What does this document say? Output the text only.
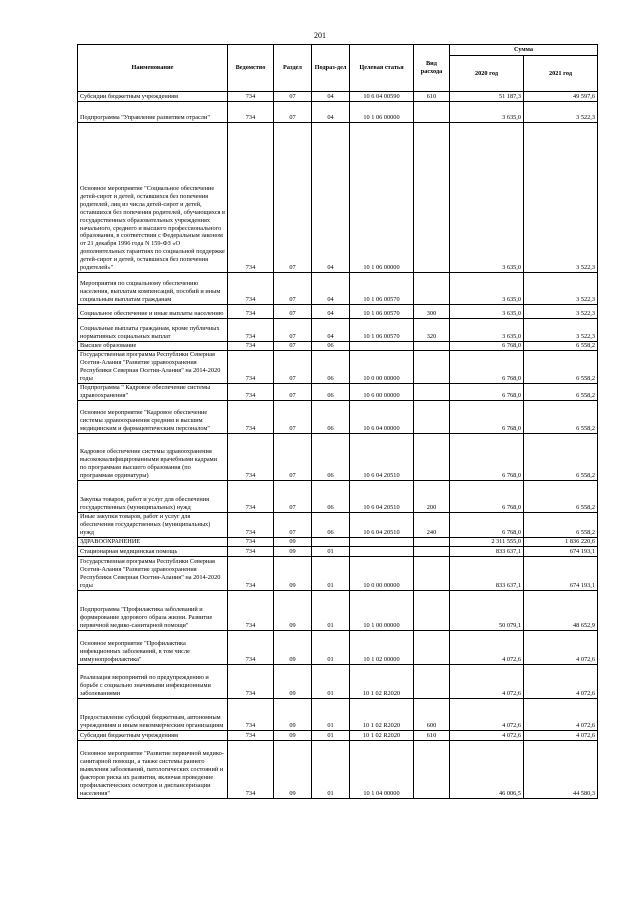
201
Наименование	Ведомство	Раздел	Подраз-дел	Целевая статья	Вид расхода	Сумма	
						2020 год	2021 год
Субсидии бюджетным учреждениям	734	07	04	10 6 04 00590	610	51 187,3	49 597,6
Подпрограмма "Управление развитием отрасли"	734	07	04	10 1 06 00000		3 635,0	3 522,3
Основное мероприятие "Социальное обеспечение детей-сирот и детей, оставшихся без попечения родителей, лиц из числа детей-сирот и детей, оставшихся без попечения родителей, обучающихся в государственных образовательных учреждениях начального, среднего и высшего профессионального образования, в соответствии с Федеральным законом от 21 декабря 1996 года N 159-ФЗ «О дополнительных гарантиях по социальной поддержке детей-сирот и детей, оставшихся без попечения родителей»"	734	07	04	10 1 06 00000		3 635,0	3 522,3
Мероприятия по социальному обеспечению населения, выплатам компенсаций, пособий и иным социальным выплатам гражданам	734	07	04	10 1 06 00570		3 635,0	3 522,3
Социальное обеспечение и иные выплаты населению	734	07	04	10 1 06 00570	300	3 635,0	3 522,3
Социальные выплаты гражданам, кроме публичных нормативных социальных выплат	734	07	04	10 1 06 00570	320	3 635,0	3 522,3
Высшее образование	734	07	06			6 768,0	6 558,2
Государственная программа Республики Северная Осетия-Алания "Развитие здравоохранения Республики Северная Осетия-Алания" на 2014-2020 годы	734	07	06	10 0 00 00000		6 768,0	6 558,2
Подпрограмма " Кадровое обеспечение системы здравоохранения"	734	07	06	10 6 00 00000		6 768,0	6 558,2
Основное мероприятие "Кадровое обеспечение системы здравоохранения средним и высшим медицинским и фармацевтическим персоналом"	734	07	06	10 6 04 00000		6 768,0	6 558,2
Кадровое обеспечение системы здравоохранения высококвалифицированными врачебными кадрами по программам высшего образования (по программам ординатуры)	734	07	06	10 6 04 20510		6 768,0	6 558,2
Закупка товаров, работ и услуг для обеспечения государственных (муниципальных) нужд	734	07	06	10 6 04 20510	200	6 768,0	6 558,2
Иные закупки товаров, работ и услуг для обеспечения государственных (муниципальных) нужд	734	07	06	10 6 04 20510	240	6 768,0	6 558,2
ЗДРАВООХРАНЕНИЕ	734	09				2 311 555,0	1 836 220,6
Стационарная медицинская помощь	734	09	01			833 637,1	674 193,1
Государственная программа Республики Северная Осетия-Алания "Развитие здравоохранения Республики Северная Осетия-Алания" на 2014-2020 годы	734	09	01	10 0 00 00000		833 637,1	674 193,1
Подпрограмма "Профилактика заболеваний и формирование здорового образа жизни. Развитие первичной медико-санитарной помощи"	734	09	01	10 1 00 00000		50 079,1	48 652,9
Основное мероприятие "Профилактика инфекционных заболеваний, в том числе иммунопрофилактика"	734	09	01	10 1 02 00000		4 072,6	4 072,6
Реализация мероприятий по предупреждению и борьбе с социально значимыми инфекционными заболеваниями	734	09	01	10 1 02 R2020		4 072,6	4 072,6
Предоставление субсидий бюджетным, автономным учреждениям и иным некоммерческим организациям	734	09	01	10 1 02 R2020	600	4 072,6	4 072,6
Субсидии бюджетным учреждениям	734	09	01	10 1 02 R2020	610	4 072,6	4 072,6
Основное мероприятие "Развитие первичной медико-санитарной помощи, а также системы раннего выявления заболеваний, патологических состояний и факторов риска их развития, включая проведение профилактических осмотров и диспансеризации населения"	734	09	01	10 1 04 00000		46 006,5	44 580,3
